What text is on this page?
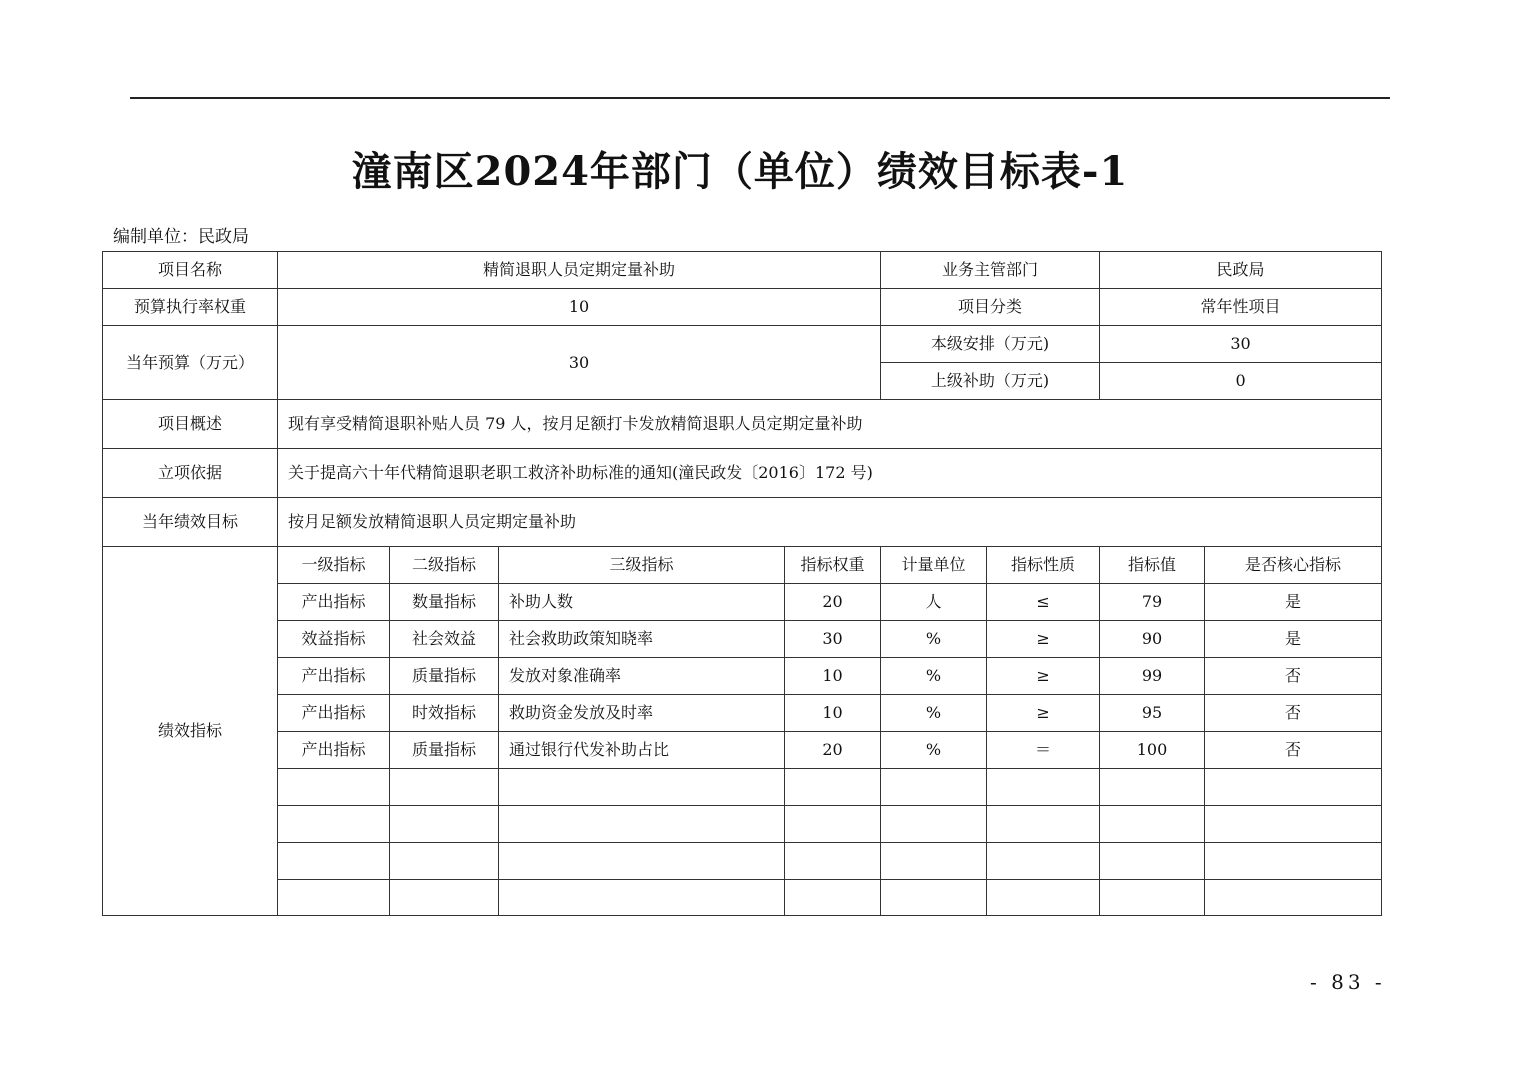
潼南区2024年部门（单位）绩效目标表-1
编制单位：民政局
项目名称	精简退职人员定期定量补助				业务主管部门		民政局	
预算执行率权重	10				项目分类		常年性项目	
当年预算（万元）	30				本级安排（万元)		30	
					上级补助（万元)		0	
项目概述	现有享受精简退职补贴人员 79 人，按月足额打卡发放精简退职人员定期定量补助							
立项依据	关于提高六十年代精简退职老职工救济补助标准的通知(潼民政发〔2016〕172 号)							
当年绩效目标	按月足额发放精简退职人员定期定量补助							
绩效指标	一级指标	二级指标	三级指标	指标权重	计量单位	指标性质	指标值	是否核心指标
	产出指标	数量指标	补助人数	20	人	≤	79	是
	效益指标	社会效益	社会救助政策知晓率	30	%	≥	90	是
	产出指标	质量指标	发放对象准确率	10	%	≥	99	否
	产出指标	时效指标	救助资金发放及时率	10	%	≥	95	否
	产出指标	质量指标	通过银行代发补助占比	20	%	＝	100	否

- 83 -
